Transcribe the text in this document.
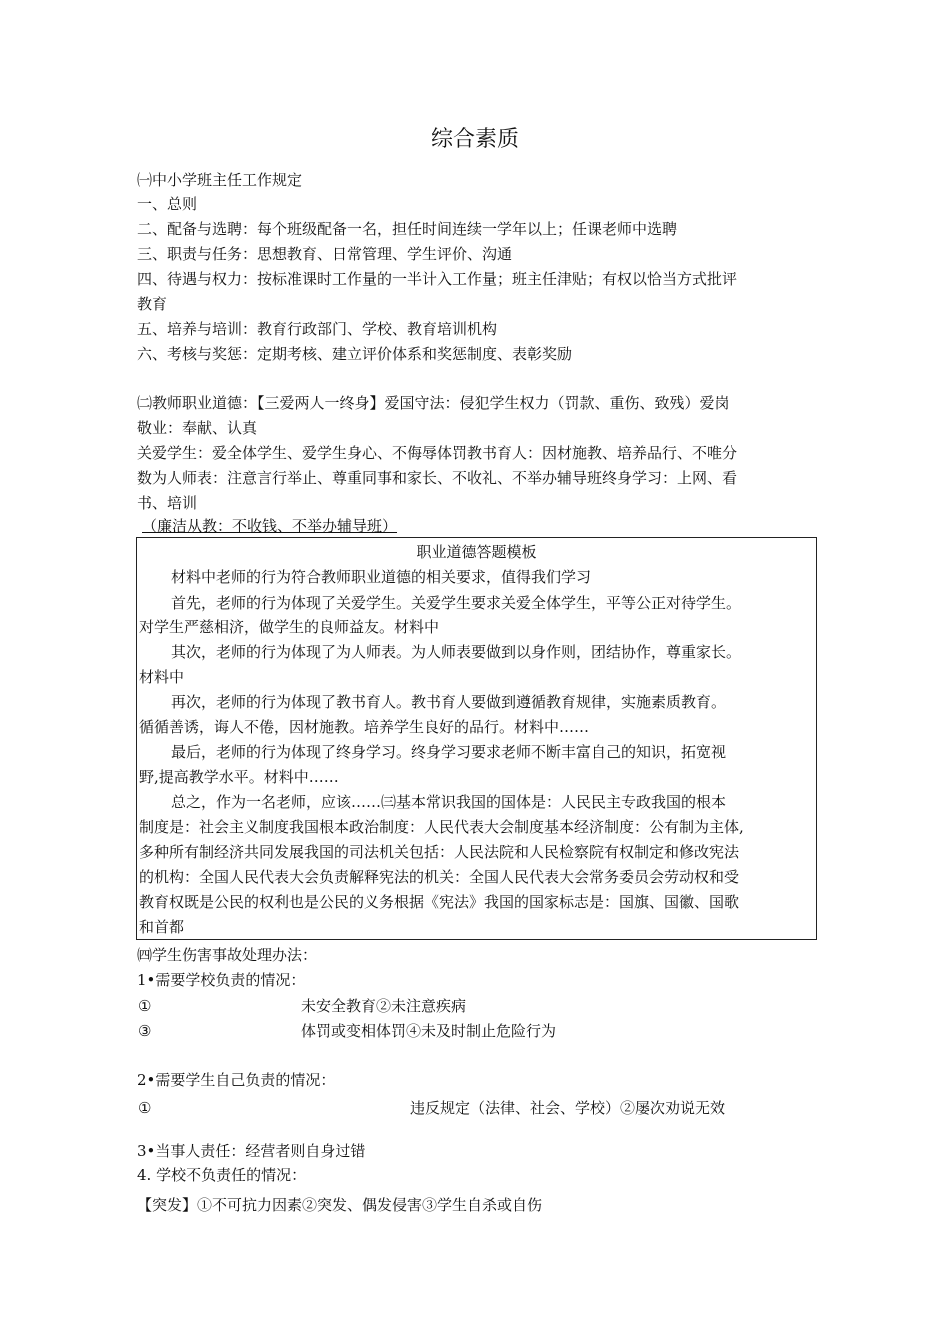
综合素质
㈠中小学班主任工作规定
一、总则
二、配备与选聘：每个班级配备一名，担任时间连续一学年以上；任课老师中选聘
三、职责与任务：思想教育、日常管理、学生评价、沟通
四、待遇与权力：按标准课时工作量的一半计入工作量；班主任津贴；有权以恰当方式批评
教育
五、培养与培训：教育行政部门、学校、教育培训机构
六、考核与奖惩：定期考核、建立评价体系和奖惩制度、表彰奖励
㈡教师职业道德：【三爱两人一终身】爱国守法：侵犯学生权力（罚款、重伤、致残）爱岗
敬业：奉献、认真
关爱学生：爱全体学生、爱学生身心、不侮辱体罚教书育人：因材施教、培养品行、不唯分
数为人师表：注意言行举止、尊重同事和家长、不收礼、不举办辅导班终身学习：上网、看
书、培训
（廉洁从教：不收钱、不举办辅导班）
职业道德答题模板
材料中老师的行为符合教师职业道德的相关要求，值得我们学习
首先，老师的行为体现了关爱学生。关爱学生要求关爱全体学生，平等公正对待学生。
对学生严慈相济，做学生的良师益友。材料中
其次，老师的行为体现了为人师表。为人师表要做到以身作则，团结协作，尊重家长。
材料中
再次，老师的行为体现了教书育人。教书育人要做到遵循教育规律，实施素质教育。
循循善诱，诲人不倦，因材施教。培养学生良好的品行。材料中……
最后，老师的行为体现了终身学习。终身学习要求老师不断丰富自己的知识，拓宽视
野,提高教学水平。材料中……
总之，作为一名老师，应该……㈢基本常识我国的国体是：人民民主专政我国的根本
制度是：社会主义制度我国根本政治制度：人民代表大会制度基本经济制度：公有制为主体,
多种所有制经济共同发展我国的司法机关包括：人民法院和人民检察院有权制定和修改宪法
的机构：全国人民代表大会负责解释宪法的机关：全国人民代表大会常务委员会劳动权和受
教育权既是公民的权利也是公民的义务根据《宪法》我国的国家标志是：国旗、国徽、国歌
和首都
㈣学生伤害事故处理办法：
1•需要学校负责的情况：
①	未安全教育②未注意疾病
③	体罚或变相体罚④未及时制止危险行为
2•需要学生自己负责的情况：
①	违反规定（法律、社会、学校）②屡次劝说无效
3•当事人责任：经营者则自身过错
4. 学校不负责任的情况：
【突发】①不可抗力因素②突发、偶发侵害③学生自杀或自伤
